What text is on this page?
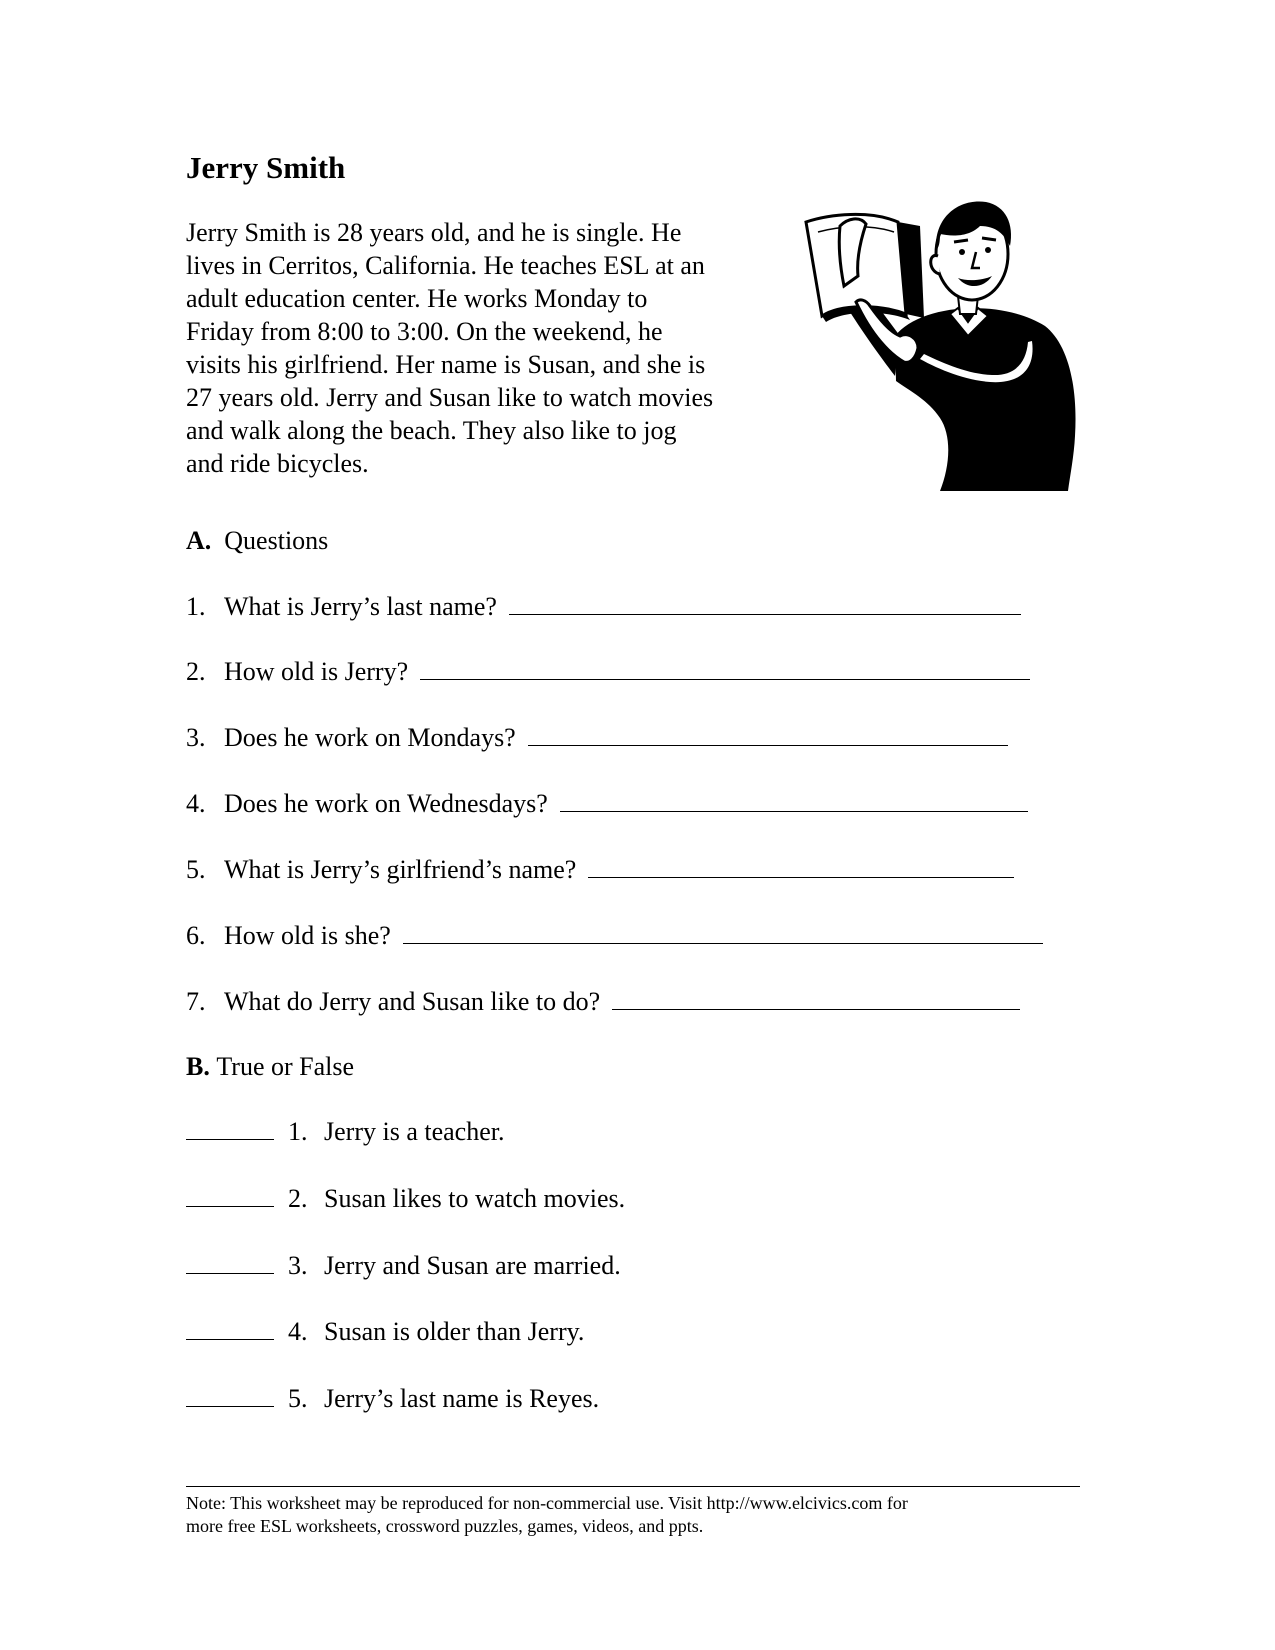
Jerry Smith
Jerry Smith is 28 years old, and he is single. He
lives in Cerritos, California. He teaches ESL at an
adult education center. He works Monday to
Friday from 8:00 to 3:00. On the weekend, he
visits his girlfriend. Her name is Susan, and she is
27 years old. Jerry and Susan like to watch movies
and walk along the beach. They also like to jog
and ride bicycles.
A. Questions
1. What is Jerry’s last name?
2. How old is Jerry?
3. Does he work on Mondays?
4. Does he work on Wednesdays?
5. What is Jerry’s girlfriend’s name?
6. How old is she?
7. What do Jerry and Susan like to do?
B. True or False
1. Jerry is a teacher.
2. Susan likes to watch movies.
3. Jerry and Susan are married.
4. Susan is older than Jerry.
5. Jerry’s last name is Reyes.
Note: This worksheet may be reproduced for non-commercial use. Visit http://www.elcivics.com for
more free ESL worksheets, crossword puzzles, games, videos, and ppts.
